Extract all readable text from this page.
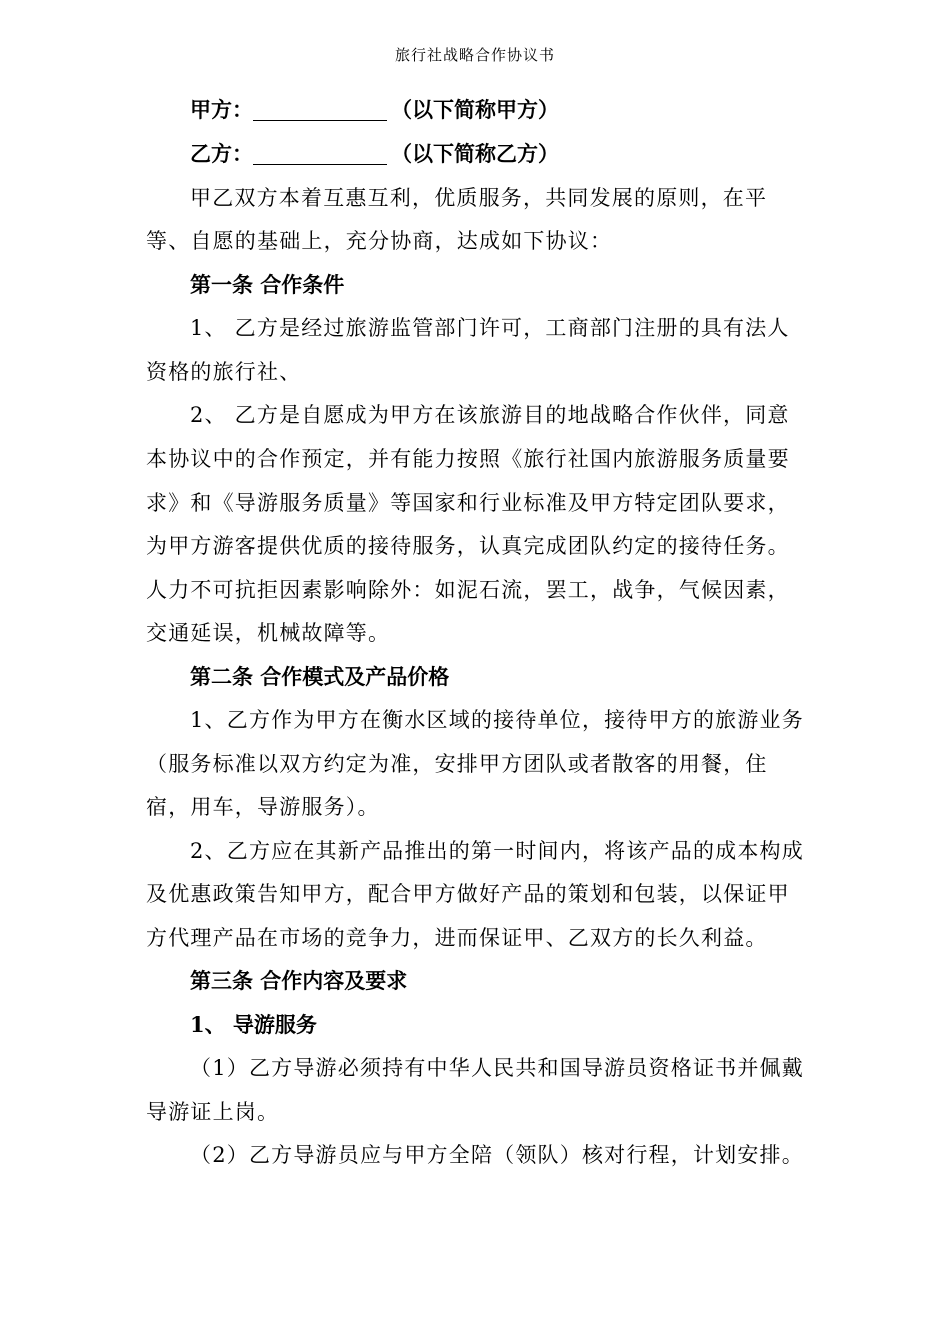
旅行社战略合作协议书
甲方：	（以下简称甲方）
乙方：	（以下简称乙方）
甲乙双方本着互惠互利，优质服务，共同发展的原则，在平
等、自愿的基础上，充分协商，达成如下协议：
第一条 合作条件
1、 乙方是经过旅游监管部门许可，工商部门注册的具有法人
资格的旅行社、
2、 乙方是自愿成为甲方在该旅游目的地战略合作伙伴，同意
本协议中的合作预定，并有能力按照《旅行社国内旅游服务质量要
求》和《导游服务质量》等国家和行业标准及甲方特定团队要求，
为甲方游客提供优质的接待服务，认真完成团队约定的接待任务。
人力不可抗拒因素影响除外：如泥石流，罢工，战争，气候因素，
交通延误，机械故障等。
第二条 合作模式及产品价格
1、乙方作为甲方在衡水区域的接待单位，接待甲方的旅游业务
（服务标准以双方约定为准，安排甲方团队或者散客的用餐，住
宿，用车，导游服务）。
2、乙方应在其新产品推出的第一时间内，将该产品的成本构成
及优惠政策告知甲方，配合甲方做好产品的策划和包装，以保证甲
方代理产品在市场的竞争力，进而保证甲、乙双方的长久利益。
第三条 合作内容及要求
1、 导游服务
（1）乙方导游必须持有中华人民共和国导游员资格证书并佩戴
导游证上岗。
（2）乙方导游员应与甲方全陪（领队）核对行程，计划安排。
